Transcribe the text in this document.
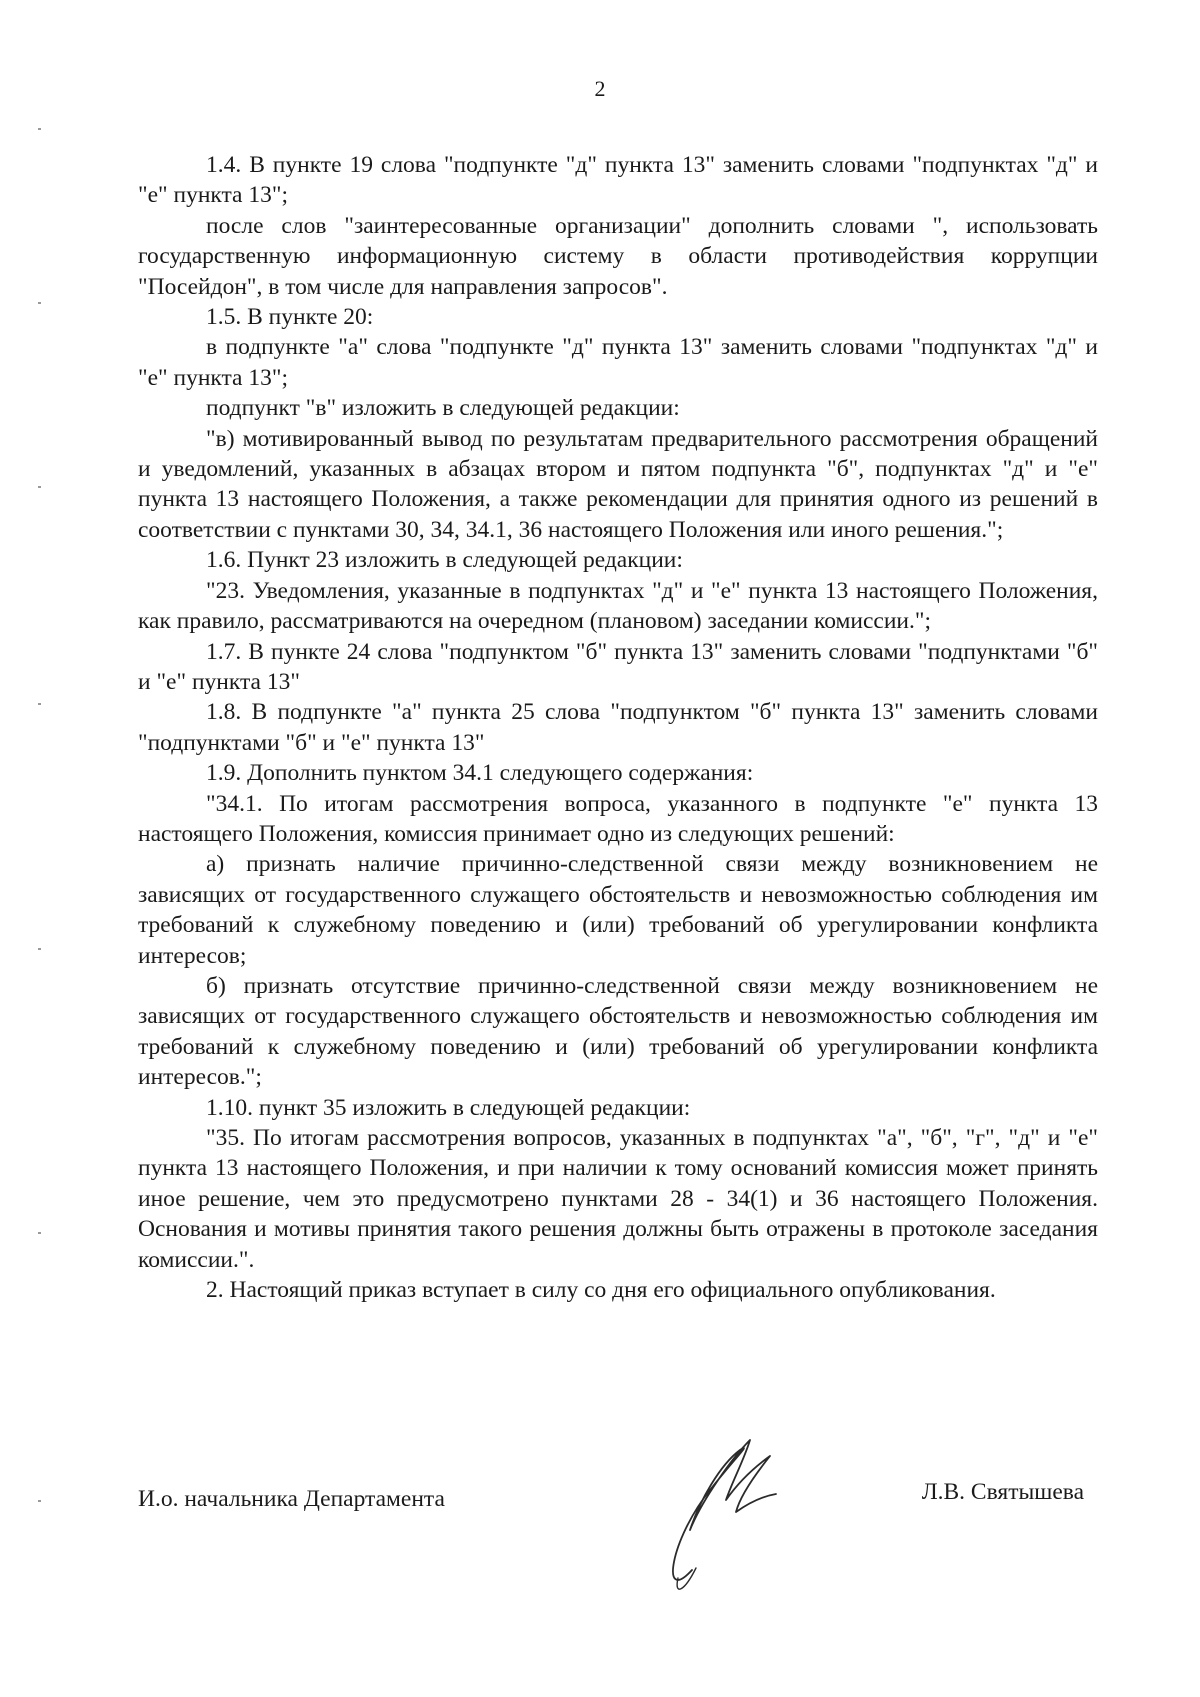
2

1.4. В пункте 19 слова "подпункте "д" пункта 13" заменить словами "подпунктах "д" и "е" пункта 13";

после слов "заинтересованные организации" дополнить словами ", использовать государственную информационную систему в области противодействия коррупции "Посейдон", в том числе для направления запросов".

1.5. В пункте 20:

в подпункте "а" слова "подпункте "д" пункта 13" заменить словами "подпунктах "д" и "е" пункта 13";

подпункт "в" изложить в следующей редакции:

"в) мотивированный вывод по результатам предварительного рассмотрения обращений и уведомлений, указанных в абзацах втором и пятом подпункта "б", подпунктах "д" и "е" пункта 13 настоящего Положения, а также рекомендации для принятия одного из решений в соответствии с пунктами 30, 34, 34.1, 36 настоящего Положения или иного решения.";

1.6. Пункт 23 изложить в следующей редакции:

"23. Уведомления, указанные в подпунктах "д" и "е" пункта 13 настоящего Положения, как правило, рассматриваются на очередном (плановом) заседании комиссии.";

1.7. В пункте 24 слова "подпунктом "б" пункта 13" заменить словами "подпунктами "б" и "е" пункта 13"

1.8. В подпункте "а" пункта 25 слова "подпунктом "б" пункта 13" заменить словами "подпунктами "б" и "е" пункта 13"

1.9. Дополнить пунктом 34.1 следующего содержания:

"34.1. По итогам рассмотрения вопроса, указанного в подпункте "е" пункта 13 настоящего Положения, комиссия принимает одно из следующих решений:

а) признать наличие причинно-следственной связи между возникновением не зависящих от государственного служащего обстоятельств и невозможностью соблюдения им требований к служебному поведению и (или) требований об урегулировании конфликта интересов;

б) признать отсутствие причинно-следственной связи между возникновением не зависящих от государственного служащего обстоятельств и невозможностью соблюдения им требований к служебному поведению и (или) требований об урегулировании конфликта интересов.";

1.10. пункт 35 изложить в следующей редакции:

"35. По итогам рассмотрения вопросов, указанных в подпунктах "а", "б", "г", "д" и "е" пункта 13 настоящего Положения, и при наличии к тому оснований комиссия может принять иное решение, чем это предусмотрено пунктами 28 - 34(1) и 36 настоящего Положения. Основания и мотивы принятия такого решения должны быть отражены в протоколе заседания комиссии.".

2. Настоящий приказ вступает в силу со дня его официального опубликования.

И.о. начальника Департамента	Л.В. Святышева
